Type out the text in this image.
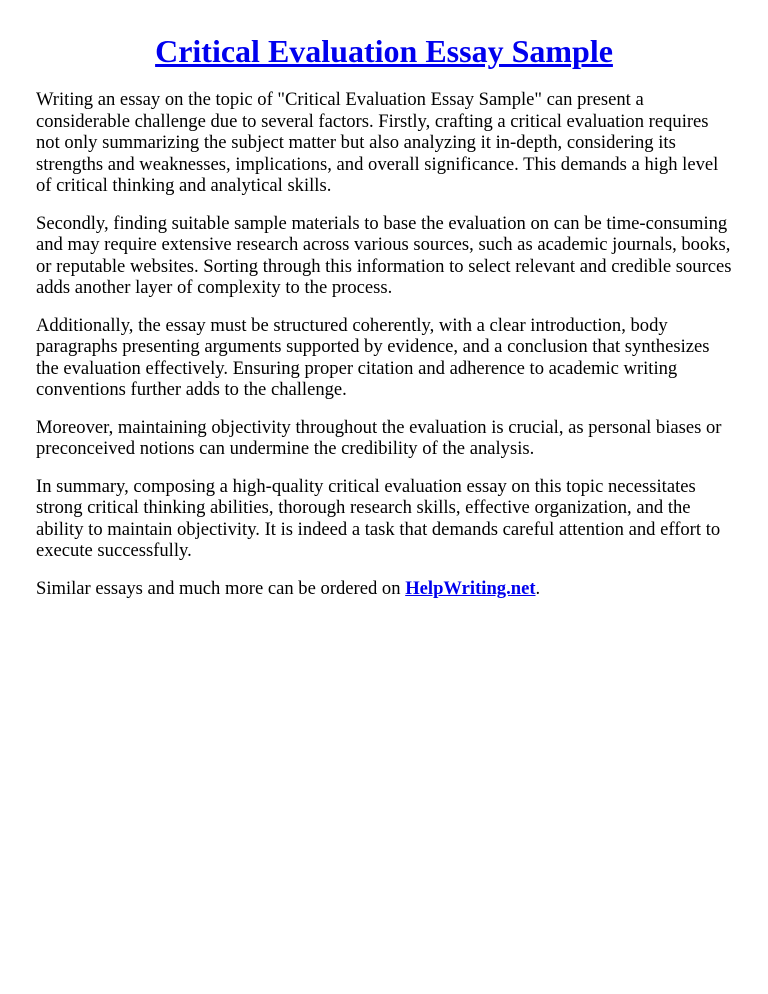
Critical Evaluation Essay Sample

Writing an essay on the topic of "Critical Evaluation Essay Sample" can present a considerable challenge due to several factors. Firstly, crafting a critical evaluation requires not only summarizing the subject matter but also analyzing it in-depth, considering its strengths and weaknesses, implications, and overall significance. This demands a high level of critical thinking and analytical skills.

Secondly, finding suitable sample materials to base the evaluation on can be time-consuming and may require extensive research across various sources, such as academic journals, books, or reputable websites. Sorting through this information to select relevant and credible sources adds another layer of complexity to the process.

Additionally, the essay must be structured coherently, with a clear introduction, body paragraphs presenting arguments supported by evidence, and a conclusion that synthesizes the evaluation effectively. Ensuring proper citation and adherence to academic writing conventions further adds to the challenge.

Moreover, maintaining objectivity throughout the evaluation is crucial, as personal biases or preconceived notions can undermine the credibility of the analysis.

In summary, composing a high-quality critical evaluation essay on this topic necessitates strong critical thinking abilities, thorough research skills, effective organization, and the ability to maintain objectivity. It is indeed a task that demands careful attention and effort to execute successfully.

Similar essays and much more can be ordered on HelpWriting.net.
